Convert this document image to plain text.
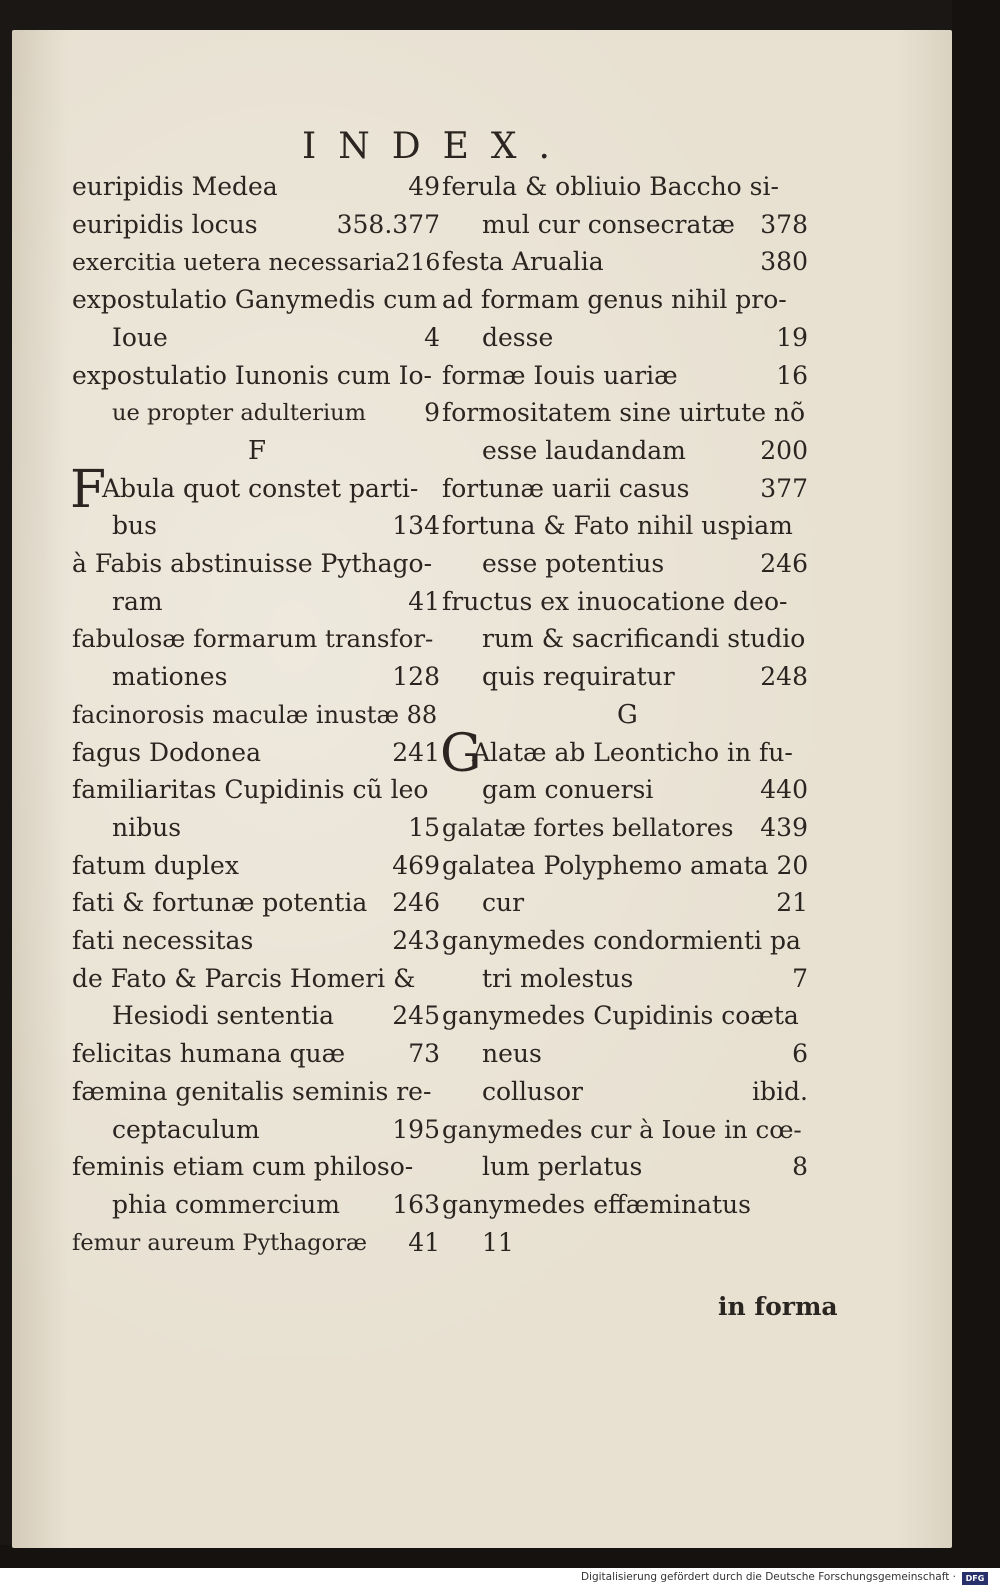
INDEX.
euripidis Medea	49
euripidis locus	358.377
exercitia uetera necessaria216
expostulatio Ganymedis cum
Ioue	4
expostulatio Iunonis cum Io-
ue propter adulterium 9
F
F
Abula quot constet parti-
bus	134
à Fabis abstinuisse Pythago-
ram	41
fabulosæ formarum transfor-
mationes	128
facinorosis maculæ inustæ 88
fagus Dodonea	241
familiaritas Cupidinis cũ leo
nibus	15
fatum duplex	469
fati & fortunæ potentia 246
fati necessitas	243
de Fato & Parcis Homeri &
Hesiodi sententia 245
felicitas humana quæ	73
fæmina genitalis seminis re-
ceptaculum	195
feminis etiam cum philoso-
phia commercium 163
femur aureum Pythagoræ 41
ferula & obliuio Baccho si-
mul cur consecratæ 378
festa Arualia	380
ad formam genus nihil pro-
desse	19
formæ Iouis uariæ	16
formositatem sine uirtute nõ
esse laudandam	200
fortunæ uarii casus	377
fortuna & Fato nihil uspiam
esse potentius	246
fructus ex inuocatione deo-
rum & sacrificandi studio
quis requiratur	248
G
G
Alatæ ab Leonticho in fu-
gam conuersi	440
galatæ fortes bellatores 439
galatea Polyphemo amata 20
cur	21
ganymedes condormienti pa
tri molestus	7
ganymedes Cupidinis coæta
neus	6
collusor	ibid.
ganymedes cur à Ioue in cœ-
lum perlatus	8
ganymedes effæminatus
11
in forma
Digitalisierung gefördert durch die Deutsche Forschungsgemeinschaft ·	DFG
